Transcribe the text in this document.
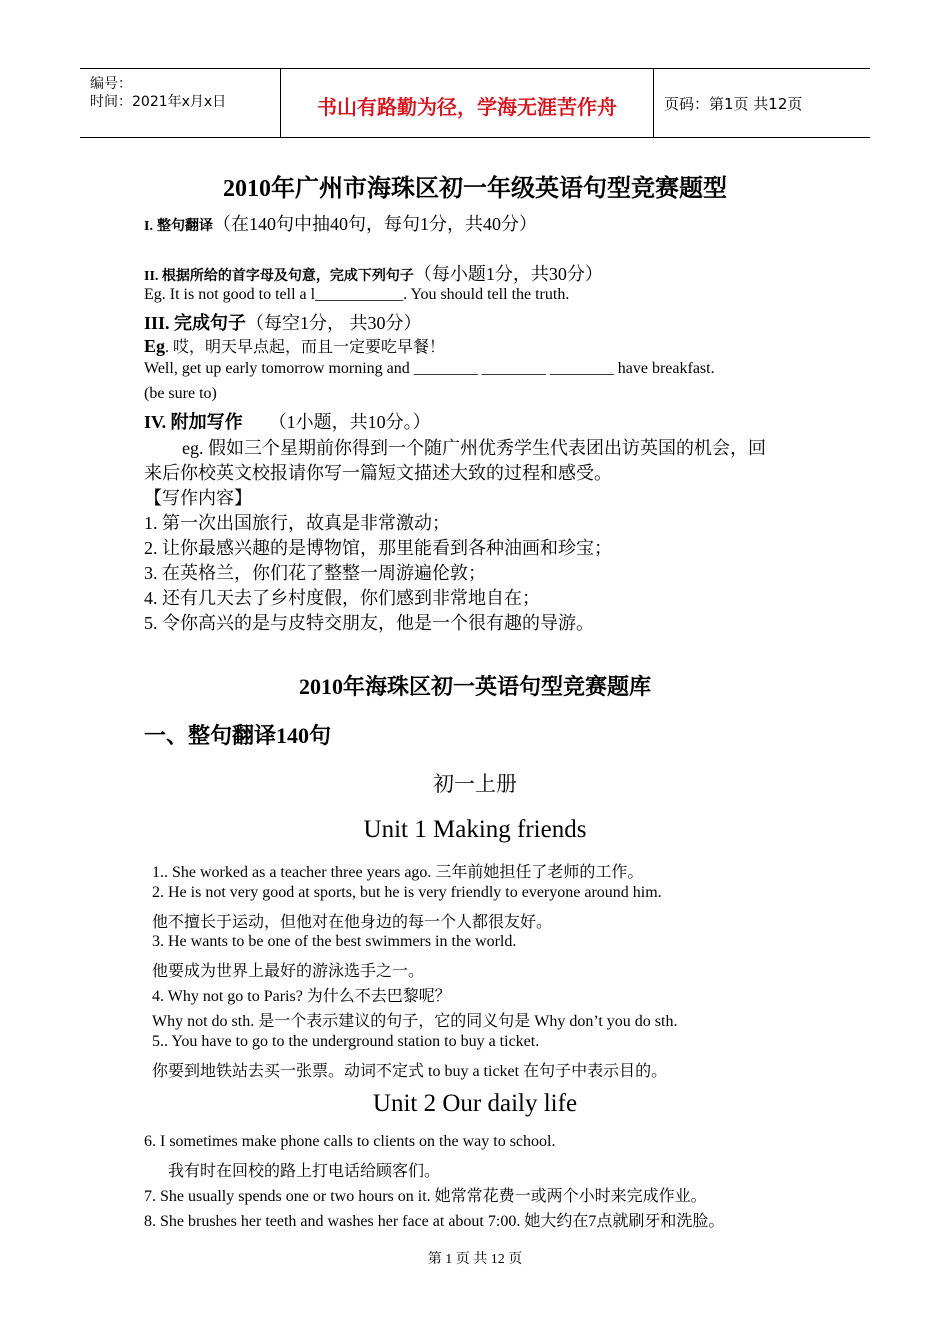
编号：
时间：2021年x月x日	书山有路勤为径，学海无涯苦作舟	页码：第1页 共12页
2010年广州市海珠区初一年级英语句型竞赛题型
I. 整句翻译（在140句中抽40句，每句1分，共40分）
II. 根据所给的首字母及句意，完成下列句子（每小题1分，共30分）
Eg. It is not good to tell a l___________. You should tell the truth.
III. 完成句子（每空1分， 共30分）
Eg. 哎，明天早点起，而且一定要吃早餐！
Well, get up early tomorrow morning and ________ ________ ________ have breakfast.
(be sure to)
IV. 附加写作 （1小题，共10分。）
eg. 假如三个星期前你得到一个随广州优秀学生代表团出访英国的机会，回
来后你校英文校报请你写一篇短文描述大致的过程和感受。
【写作内容】
1. 第一次出国旅行，故真是非常激动；
2. 让你最感兴趣的是博物馆，那里能看到各种油画和珍宝；
3. 在英格兰，你们花了整整一周游遍伦敦；
4. 还有几天去了乡村度假，你们感到非常地自在；
5. 令你高兴的是与皮特交朋友，他是一个很有趣的导游。
2010年海珠区初一英语句型竞赛题库
一、整句翻译140句
初一上册
Unit 1 Making friends
1.. She worked as a teacher three years ago. 三年前她担任了老师的工作。
2. He is not very good at sports, but he is very friendly to everyone around him.
他不擅长于运动，但他对在他身边的每一个人都很友好。
3. He wants to be one of the best swimmers in the world.
他要成为世界上最好的游泳选手之一。
4. Why not go to Paris? 为什么不去巴黎呢？
Why not do sth. 是一个表示建议的句子，它的同义句是 Why don’t you do sth.
5.. You have to go to the underground station to buy a ticket.
你要到地铁站去买一张票。动词不定式 to buy a ticket 在句子中表示目的。
Unit 2 Our daily life
6. I sometimes make phone calls to clients on the way to school.
我有时在回校的路上打电话给顾客们。
7. She usually spends one or two hours on it. 她常常花费一或两个小时来完成作业。
8. She brushes her teeth and washes her face at about 7:00. 她大约在7点就刷牙和洗脸。
第 1 页 共 12 页
